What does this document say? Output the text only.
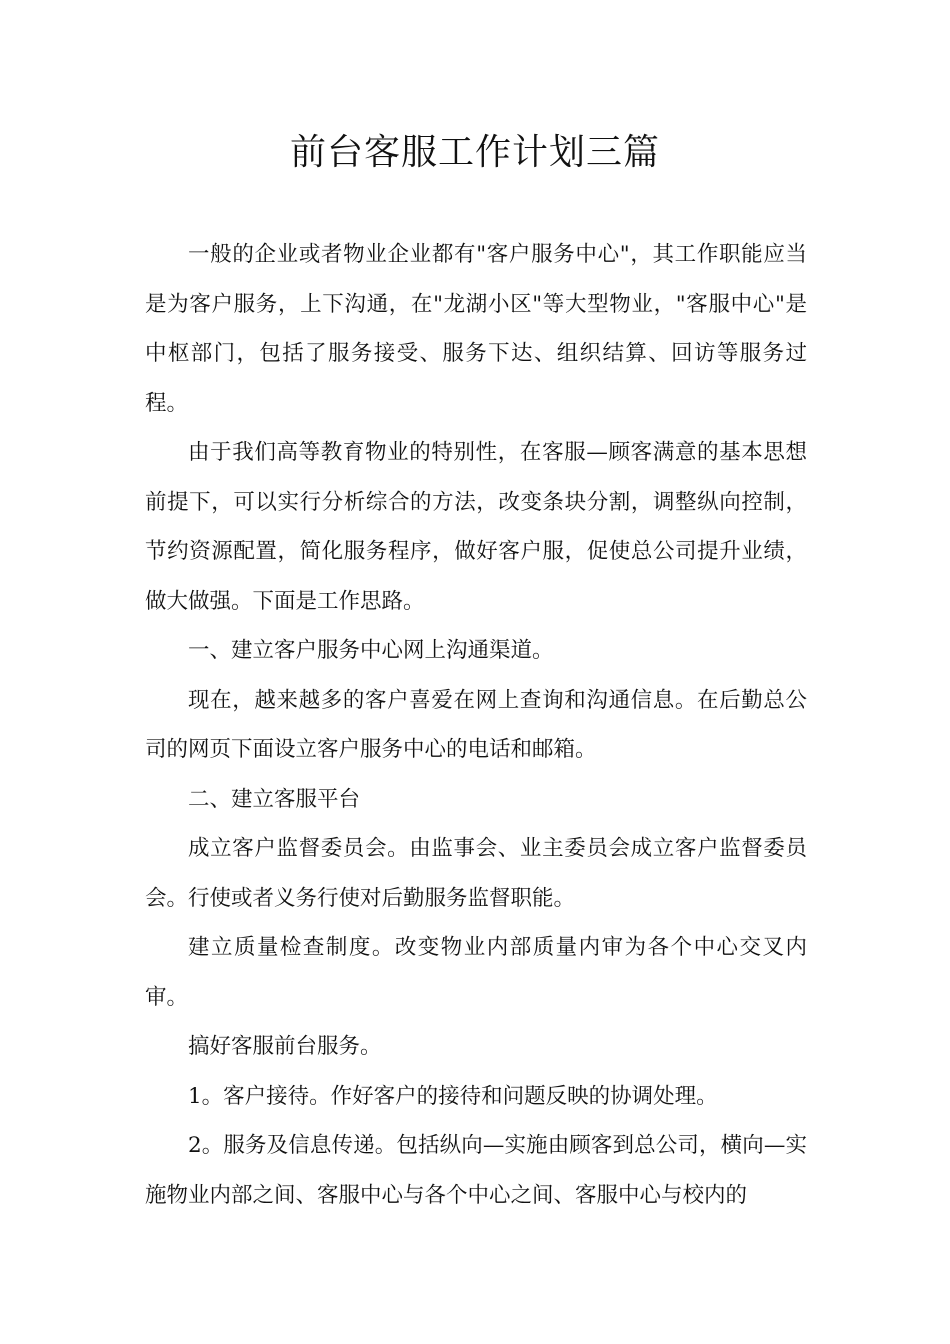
前台客服工作计划三篇

一般的企业或者物业企业都有"客户服务中心"，其工作职能应当是为客户服务，上下沟通，在"龙湖小区"等大型物业，"客服中心"是中枢部门，包括了服务接受、服务下达、组织结算、回访等服务过程。

由于我们高等教育物业的特别性，在客服—顾客满意的基本思想前提下，可以实行分析综合的方法，改变条块分割，调整纵向控制，节约资源配置，简化服务程序，做好客户服，促使总公司提升业绩，做大做强。下面是工作思路。

一、建立客户服务中心网上沟通渠道。

现在，越来越多的客户喜爱在网上查询和沟通信息。在后勤总公司的网页下面设立客户服务中心的电话和邮箱。

二、建立客服平台

成立客户监督委员会。由监事会、业主委员会成立客户监督委员会。行使或者义务行使对后勤服务监督职能。

建立质量检查制度。改变物业内部质量内审为各个中心交叉内审。

搞好客服前台服务。

1。客户接待。作好客户的接待和问题反映的协调处理。

2。服务及信息传递。包括纵向—实施由顾客到总公司，横向—实施物业内部之间、客服中心与各个中心之间、客服中心与校内的
